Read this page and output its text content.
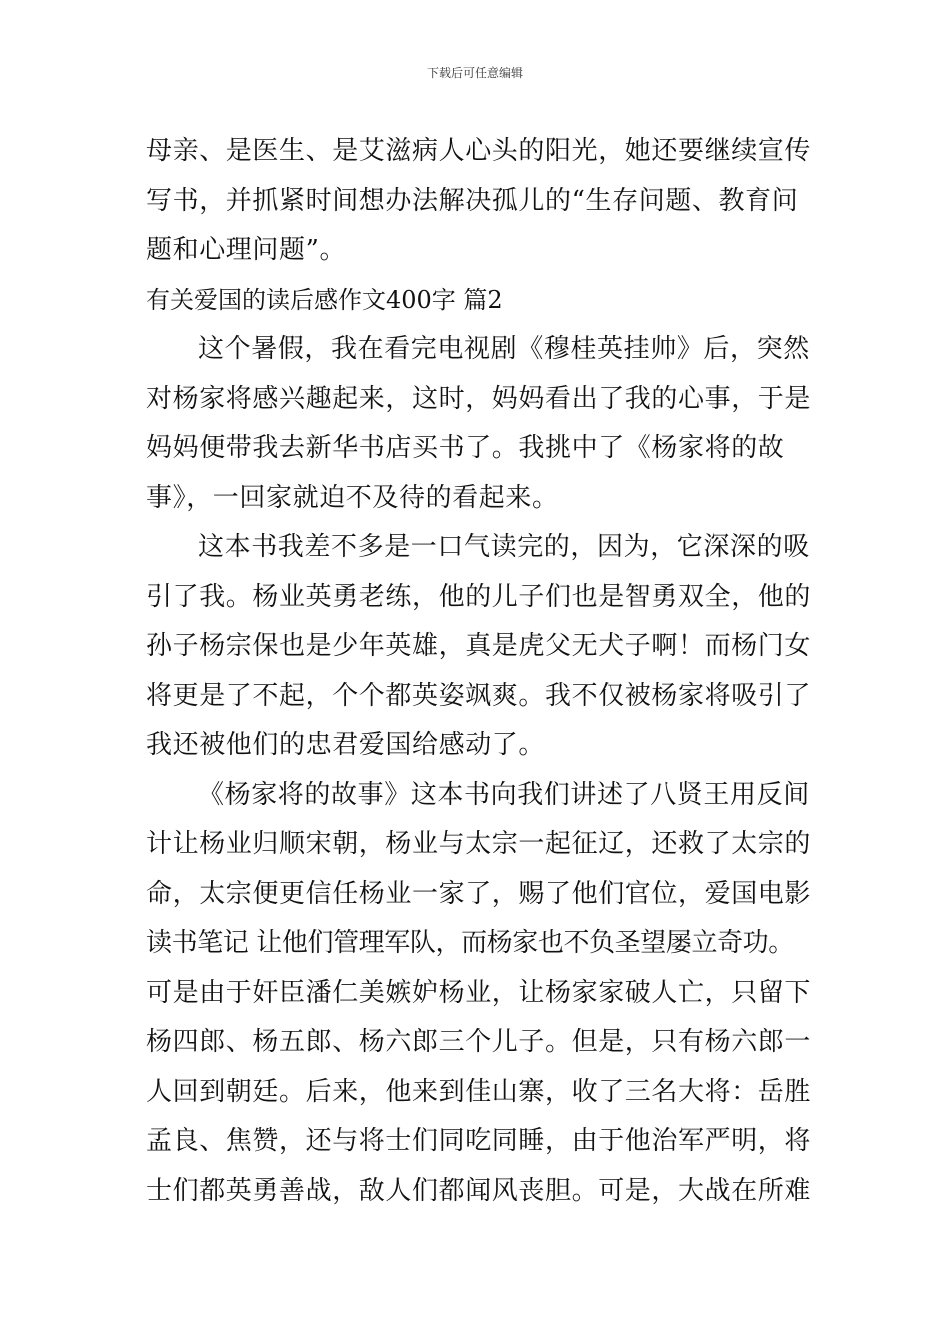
下载后可任意编辑
母亲、是医生、是艾滋病人心头的阳光，她还要继续宣传
写书，并抓紧时间想办法解决孤儿的“生存问题、教育问
题和心理问题”。
有关爱国的读后感作文400字 篇2
这个暑假，我在看完电视剧《穆桂英挂帅》后，突然
对杨家将感兴趣起来，这时，妈妈看出了我的心事，于是
妈妈便带我去新华书店买书了。我挑中了《杨家将的故
事》，一回家就迫不及待的看起来。
这本书我差不多是一口气读完的，因为，它深深的吸
引了我。杨业英勇老练，他的儿子们也是智勇双全，他的
孙子杨宗保也是少年英雄，真是虎父无犬子啊！而杨门女
将更是了不起，个个都英姿飒爽。我不仅被杨家将吸引了
我还被他们的忠君爱国给感动了。
《杨家将的故事》这本书向我们讲述了八贤王用反间
计让杨业归顺宋朝，杨业与太宗一起征辽，还救了太宗的
命，太宗便更信任杨业一家了，赐了他们官位，爱国电影
读书笔记 让他们管理军队，而杨家也不负圣望屡立奇功。
可是由于奸臣潘仁美嫉妒杨业，让杨家家破人亡，只留下
杨四郎、杨五郎、杨六郎三个儿子。但是，只有杨六郎一
人回到朝廷。后来，他来到佳山寨，收了三名大将：岳胜
孟良、焦赞，还与将士们同吃同睡，由于他治军严明，将
士们都英勇善战，敌人们都闻风丧胆。可是，大战在所难
